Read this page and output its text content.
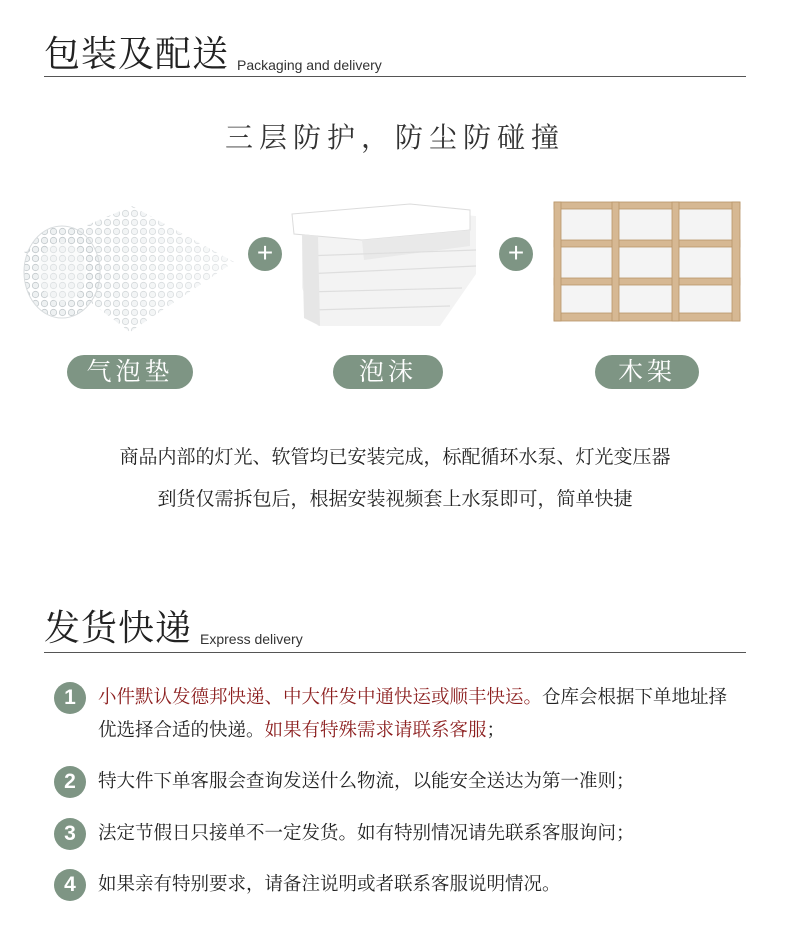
包装及配送 Packaging and delivery
三层防护，防尘防碰撞
+	+
气泡垫	泡沫	木架
商品内部的灯光、软管均已安装完成，标配循环水泵、灯光变压器
到货仅需拆包后，根据安装视频套上水泵即可，简单快捷
发货快递 Express delivery
1	小件默认发德邦快递、中大件发中通快运或顺丰快运。仓库会根据下单地址择优选择合适的快递。如果有特殊需求请联系客服；
2	特大件下单客服会查询发送什么物流，以能安全送达为第一准则；
3	法定节假日只接单不一定发货。如有特别情况请先联系客服询问；
4	如果亲有特别要求，请备注说明或者联系客服说明情况。
